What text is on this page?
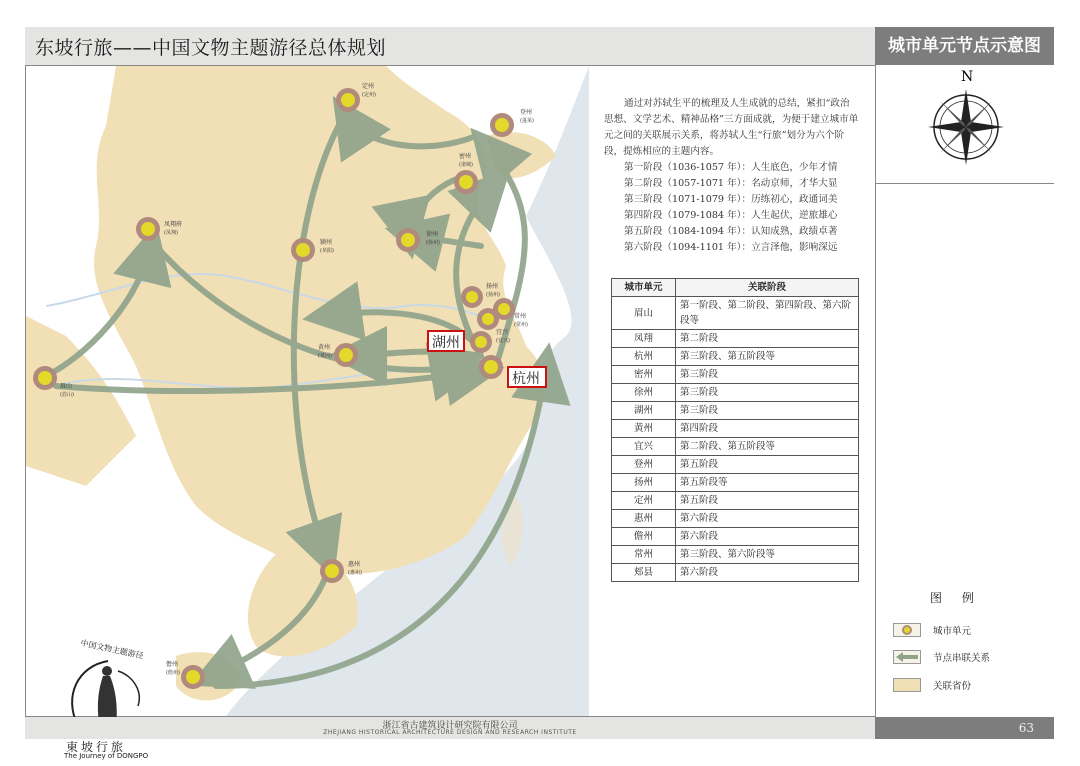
东坡行旅——中国文物主题游径总体规划	城市单元节点示意图
定州
(定州)
登州
(蓬莱)
密州
(诸城)
凤翔府
(凤翔)
颍州
(阜阳)
徐州
(徐州)
扬州
(扬州)
常州
(常州)
宜兴
(宜兴)
黄州
(黄冈)
眉山
(眉山)
惠州
(惠州)
儋州
(儋州)
湖州
杭州
中国文物主题游径
東坡行旅
The Journey of DONGPO
通过对苏轼生平的梳理及人生成就的总结，紧扣“政治思想、文学艺术、精神品格”三方面成就，为便于建立城市单元之间的关联展示关系，将苏轼人生“行旅”划分为六个阶段，提炼相应的主题内容。
第一阶段（1036-1057 年）：人生底色，少年才情
第二阶段（1057-1071 年）：名动京师，才华大显
第三阶段（1071-1079 年）：历练初心，政通词美
第四阶段（1079-1084 年）：人生起伏，逆旅雄心
第五阶段（1084-1094 年）：认知成熟，政绩卓著
第六阶段（1094-1101 年）：立言泽他，影响深远
城市单元	关联阶段
眉山	第一阶段、第二阶段、第四阶段、第六阶段等
凤翔	第二阶段
杭州	第三阶段、第五阶段等
密州	第三阶段
徐州	第三阶段
湖州	第三阶段
黄州	第四阶段
宜兴	第二阶段、第五阶段等
登州	第五阶段
扬州	第五阶段等
定州	第五阶段
惠州	第六阶段
儋州	第六阶段
常州	第三阶段、第六阶段等
郏县	第六阶段
N
图 例
城市单元
节点串联关系
关联省份
浙江省古建筑设计研究院有限公司
ZHEJIANG HISTORICAL ARCHITECTURE DESIGN AND RESEARCH INSTITUTE	63
